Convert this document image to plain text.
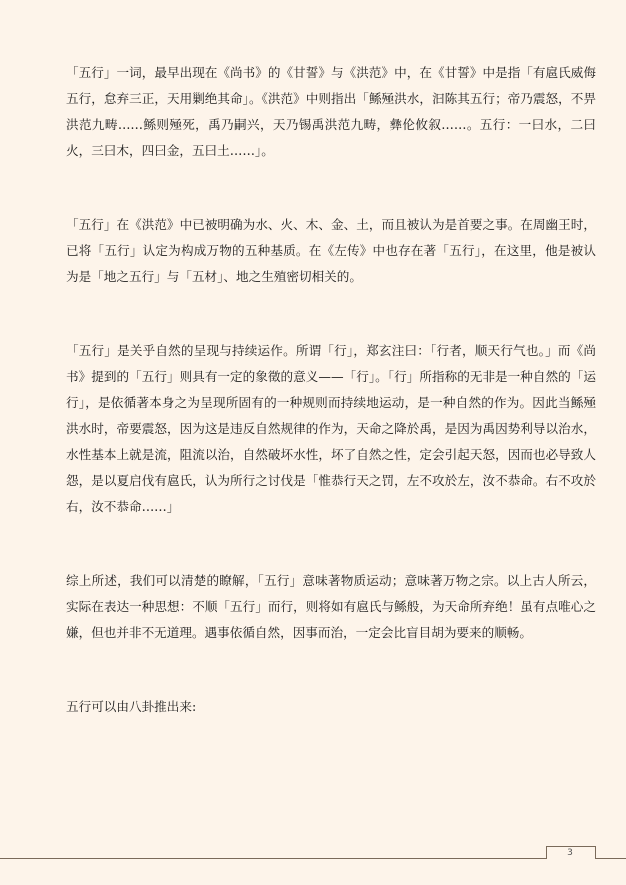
「五行」一词，最早出现在《尚书》的《甘誓》与《洪范》中，在《甘誓》中是指「有扈氏威侮五行，怠弃三正，天用剿绝其命」。《洪范》中则指出「鲧殛洪水，汩陈其五行；帝乃震怒，不畀洪范九畴……鲧则殛死，禹乃嗣兴，天乃锡禹洪范九畴，彝伦攸叙……。五行：一曰水，二曰火，三曰木，四曰金，五曰土……」。

「五行」在《洪范》中已被明确为水、火、木、金、土，而且被认为是首要之事。在周幽王时，已将「五行」认定为构成万物的五种基质。在《左传》中也存在著「五行」，在这里，他是被认为是「地之五行」与「五材」、地之生殖密切相关的。

「五行」是关乎自然的呈现与持续运作。所谓「行」，郑玄注曰：「行者，顺天行气也。」而《尚书》提到的「五行」则具有一定的象徵的意义——「行」。「行」所指称的无非是一种自然的「运行」，是依循著本身之为呈现所固有的一种规则而持续地运动，是一种自然的作为。因此当鲧殛洪水时，帝要震怒，因为这是违反自然规律的作为，天命之降於禹，是因为禹因势利导以治水，水性基本上就是流，阻流以治，自然破坏水性，坏了自然之性，定会引起天怒，因而也必导致人怨，是以夏启伐有扈氏，认为所行之讨伐是「惟恭行天之罚，左不攻於左，汝不恭命。右不攻於右，汝不恭命……」

综上所述，我们可以清楚的瞭解，「五行」意味著物质运动；意味著万物之宗。以上古人所云，实际在表达一种思想：不顺「五行」而行，则将如有扈氏与鲧般，为天命所弃绝！虽有点唯心之嫌，但也并非不无道理。遇事依循自然，因事而治，一定会比盲目胡为要来的顺畅。

五行可以由八卦推出来:

3
